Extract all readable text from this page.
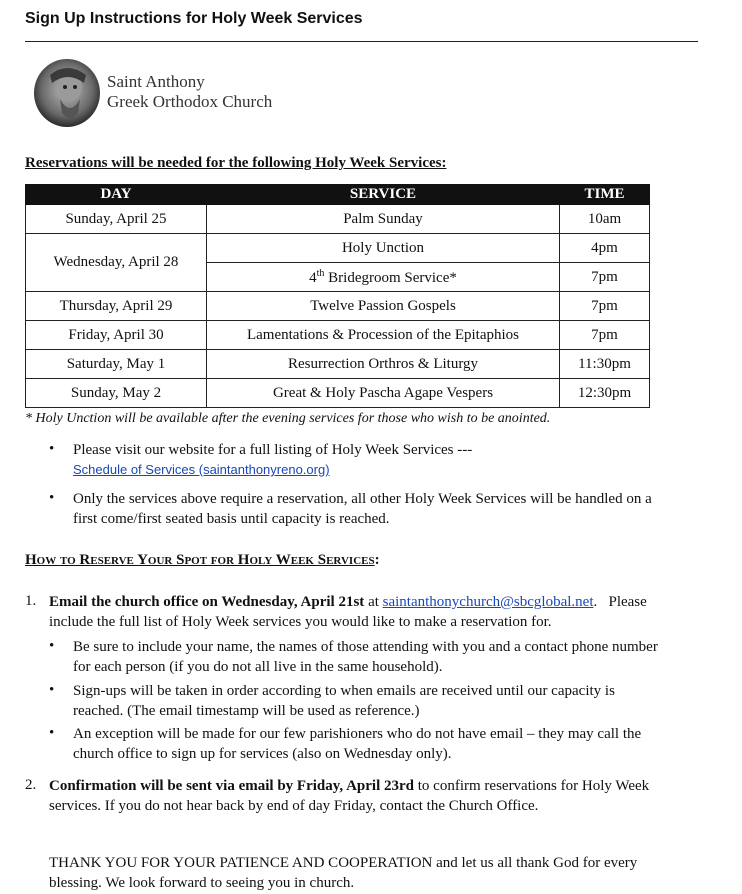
Sign Up Instructions for Holy Week Services
Saint Anthony
Greek Orthodox Church
Reservations will be needed for the following Holy Week Services:
DAY	SERVICE	TIME
Sunday, April 25	Palm Sunday	10am
Wednesday, April 28	Holy Unction	4pm
	4th Bridegroom Service*	7pm
Thursday, April 29	Twelve Passion Gospels	7pm
Friday, April 30	Lamentations & Procession of the Epitaphios	7pm
Saturday, May 1	Resurrection Orthros & Liturgy	11:30pm
Sunday, May 2	Great & Holy Pascha Agape Vespers	12:30pm
* Holy Unction will be available after the evening services for those who wish to be anointed.
• Please visit our website for a full listing of Holy Week Services ---
Schedule of Services (saintanthonyreno.org)
• Only the services above require a reservation, all other Holy Week Services will be handled on a
first come/first seated basis until capacity is reached.
How to Reserve Your Spot for Holy Week Services:
1. Email the church office on Wednesday, April 21st at saintanthonychurch@sbcglobal.net.   Please
include the full list of Holy Week services you would like to make a reservation for.
• Be sure to include your name, the names of those attending with you and a contact phone number
for each person (if you do not all live in the same household).
• Sign-ups will be taken in order according to when emails are received until our capacity is
reached. (The email timestamp will be used as reference.)
• An exception will be made for our few parishioners who do not have email – they may call the
church office to sign up for services (also on Wednesday only).
2. Confirmation will be sent via email by Friday, April 23rd to confirm reservations for Holy Week
services. If you do not hear back by end of day Friday, contact the Church Office.
THANK YOU FOR YOUR PATIENCE AND COOPERATION and let us all thank God for every
blessing. We look forward to seeing you in church.
